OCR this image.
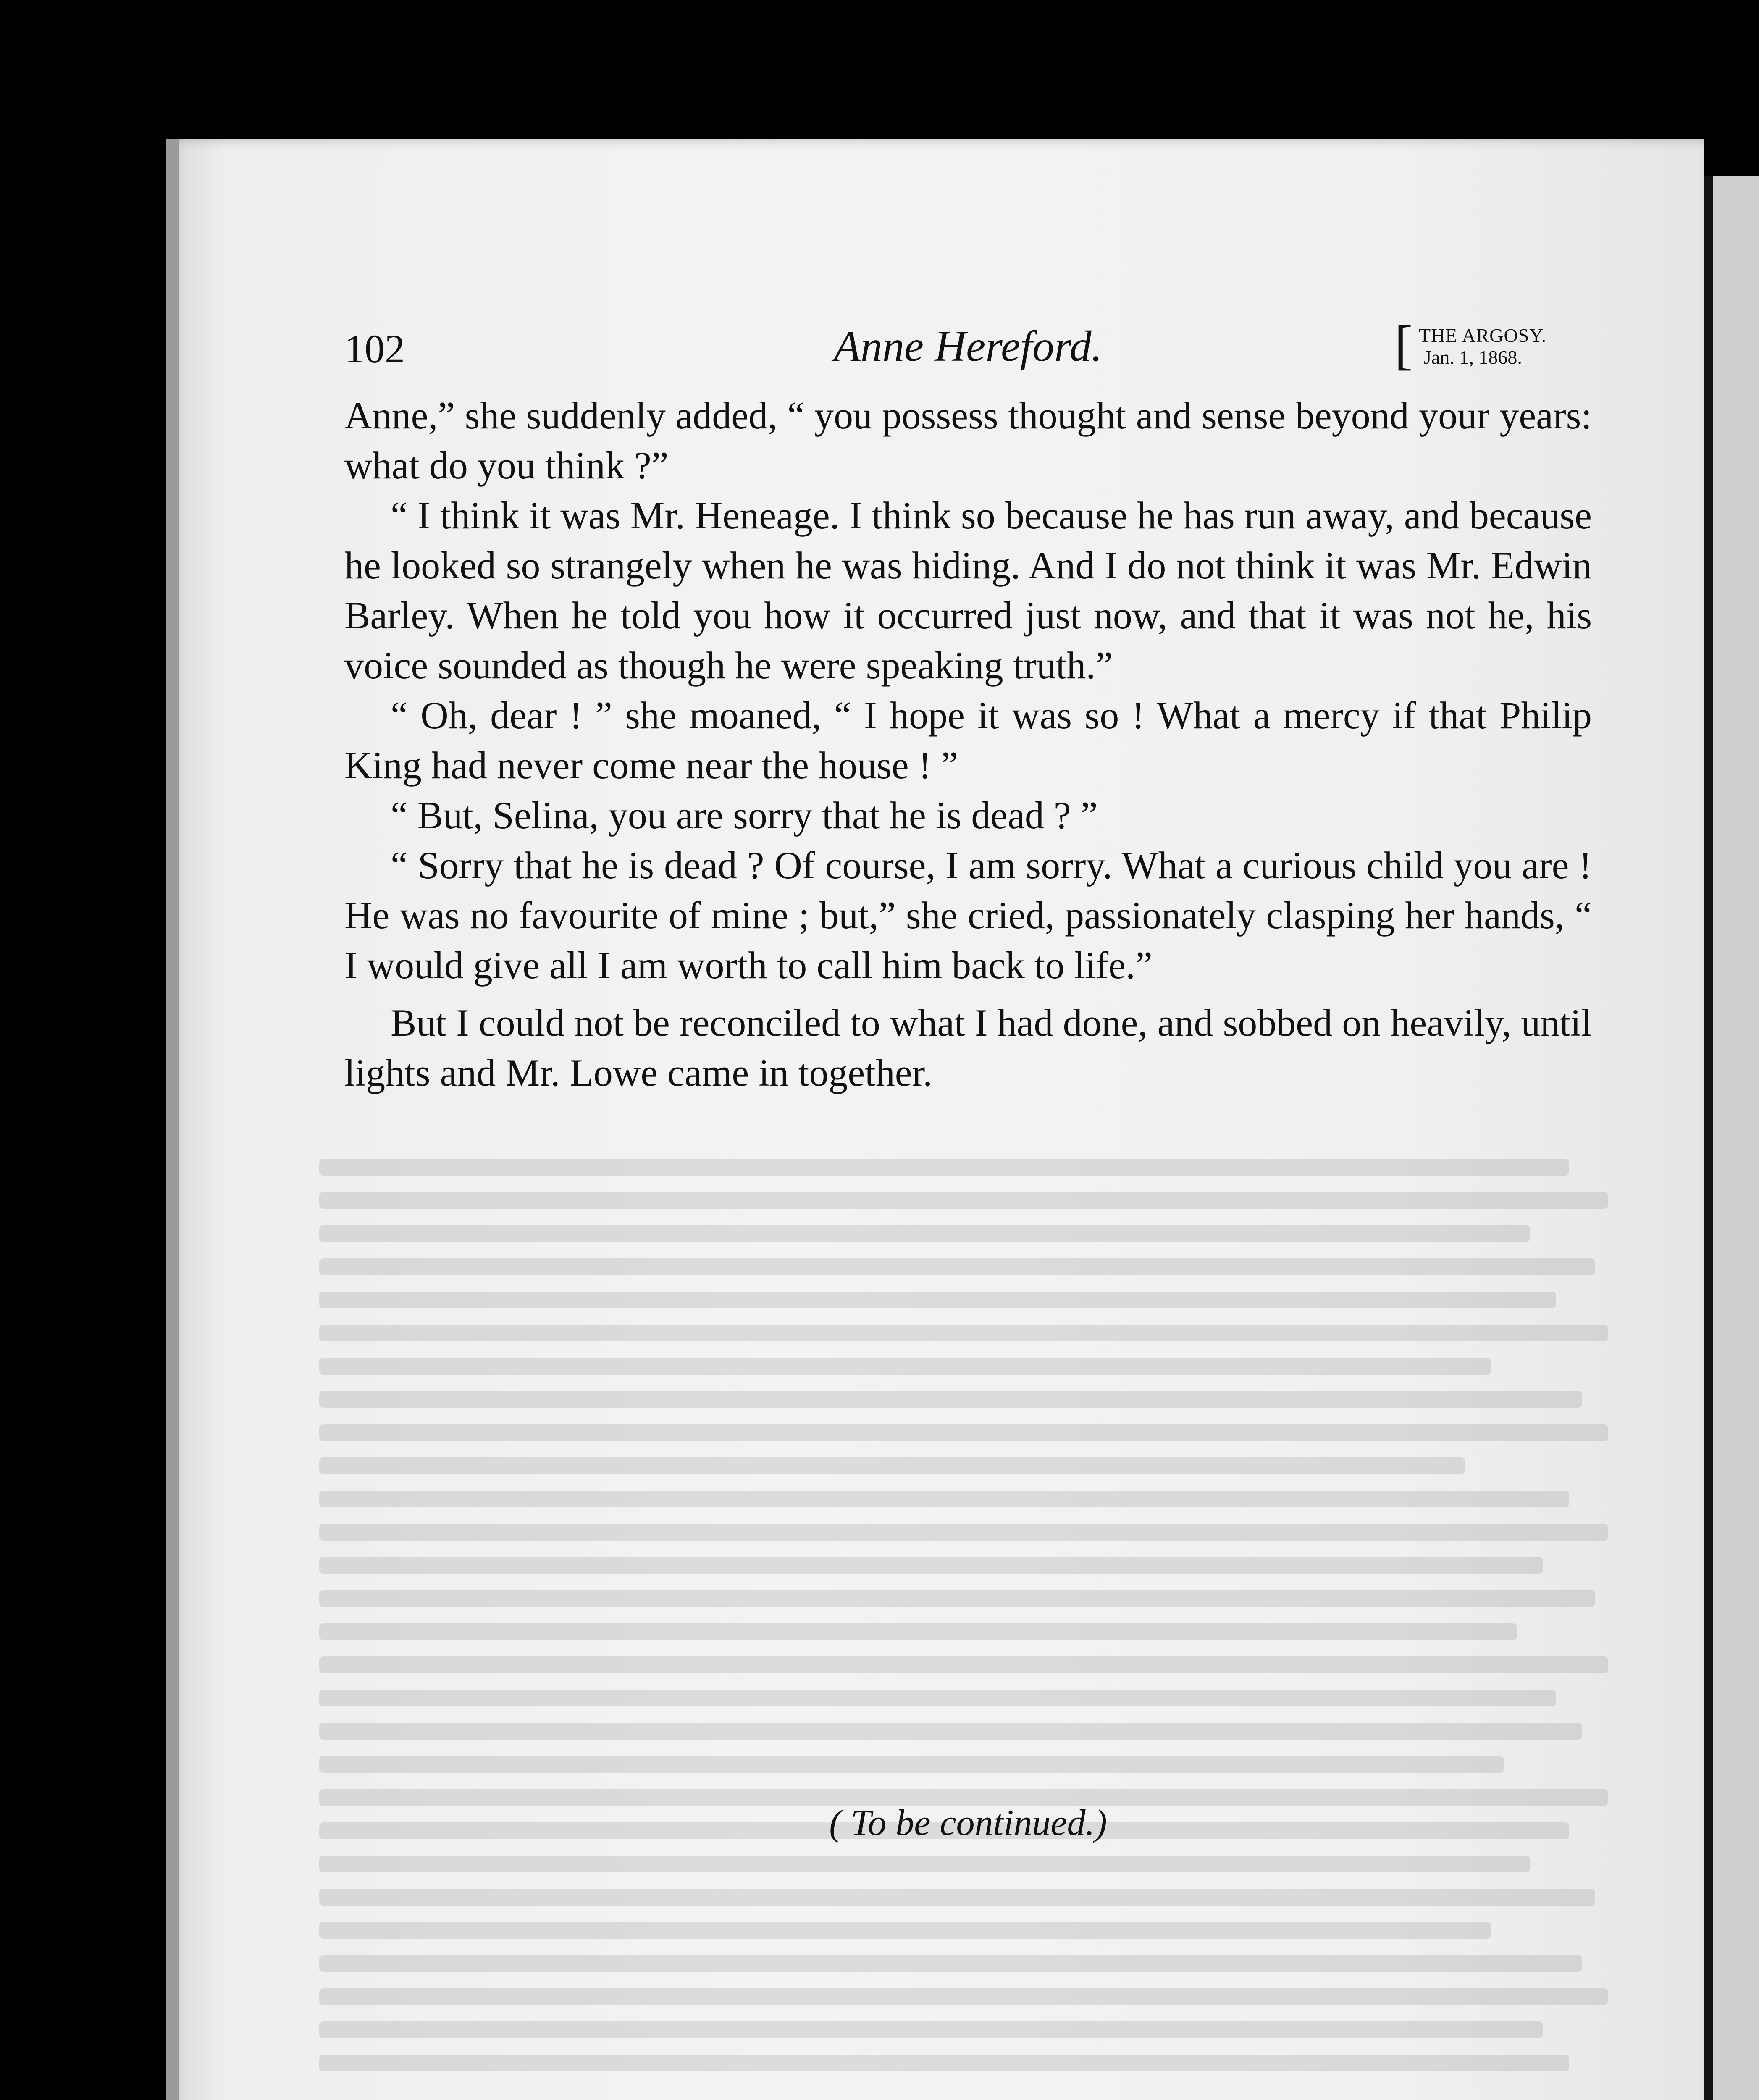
102	Anne Hereford.	[ THE ARGOSY.
Jan. 1, 1868.

Anne,” she suddenly added, “ you possess thought and sense beyond your years: what do you think ?”

“ I think it was Mr. Heneage. I think so because he has run away, and because he looked so strangely when he was hiding. And I do not think it was Mr. Edwin Barley. When he told you how it occurred just now, and that it was not he, his voice sounded as though he were speaking truth.”

“ Oh, dear ! ” she moaned, “ I hope it was so ! What a mercy if that Philip King had never come near the house ! ”

“ But, Selina, you are sorry that he is dead ? ”

“ Sorry that he is dead ? Of course, I am sorry. What a curious child you are ! He was no favourite of mine ; but,” she cried, passionately clasping her hands, “ I would give all I am worth to call him back to life.”

But I could not be reconciled to what I had done, and sobbed on heavily, until lights and Mr. Lowe came in together.

( To be continued.)
